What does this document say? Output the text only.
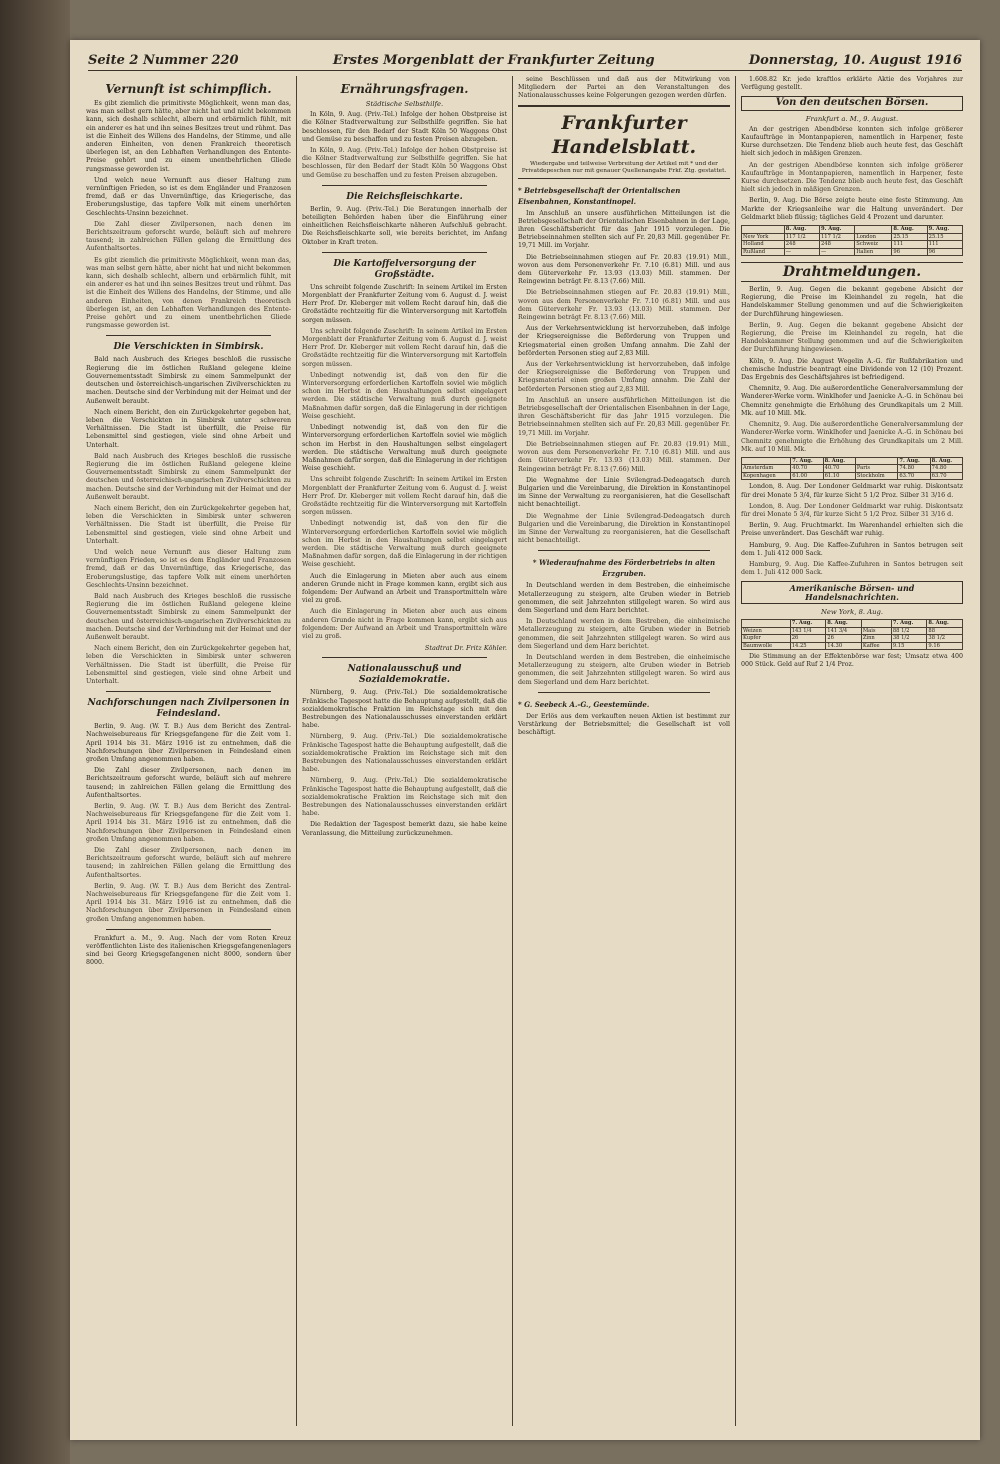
Seite 2 Nummer 220	Erstes Morgenblatt der Frankfurter Zeitung	Donnerstag, 10. August 1916
Vernunft ist schimpflich.

Es gibt ziemlich die primitivste Möglichkeit, wenn man das, was man selbst gern hätte, aber nicht hat und nicht bekommen kann, sich deshalb schlecht, albern und erbärmlich fühlt, mit ein anderer es hat und ihn seines Besitzes treut und rühmt. Das ist die Einheit des Willens des Handelns, der Stimme, und alle anderen Einheiten, von denen Frankreich theoretisch überlegen ist, an den Lebhaften Verhandlungen des Entente-Preise gehört und zu einem unentbehrlichen Gliede rungsmasse geworden ist.

Und welch neue Vernunft aus dieser Haltung zum vernünftigen Frieden, so ist es dem Engländer und Franzosen fremd, daß er das Unvernünftige, das Kriegerische, das Eroberungslustige, das tapfere Volk mit einem unerhörten Geschlechts-Unsinn bezeichnet.

Die Zahl dieser Zivilpersonen, nach denen im Berichtszeitraum geforscht wurde, beläuft sich auf mehrere tausend; in zahlreichen Fällen gelang die Ermittlung des Aufenthaltsortes.

Es gibt ziemlich die primitivste Möglichkeit, wenn man das, was man selbst gern hätte, aber nicht hat und nicht bekommen kann, sich deshalb schlecht, albern und erbärmlich fühlt, mit ein anderer es hat und ihn seines Besitzes treut und rühmt. Das ist die Einheit des Willens des Handelns, der Stimme, und alle anderen Einheiten, von denen Frankreich theoretisch überlegen ist, an den Lebhaften Verhandlungen des Entente-Preise gehört und zu einem unentbehrlichen Gliede rungsmasse geworden ist.

Die Verschickten in Simbirsk.

Bald nach Ausbruch des Krieges beschloß die russische Regierung die im östlichen Rußland gelegene kleine Gouvernementsstadt Simbirsk zu einem Sammelpunkt der deutschen und österreichisch-ungarischen Zivilverschickten zu machen. Deutsche sind der Verbindung mit der Heimat und der Außenwelt beraubt.

Nach einem Bericht, den ein Zurückgekehrter gegeben hat, leben die Verschickten in Simbirsk unter schweren Verhältnissen. Die Stadt ist überfüllt, die Preise für Lebensmittel sind gestiegen, viele sind ohne Arbeit und Unterhalt.

Bald nach Ausbruch des Krieges beschloß die russische Regierung die im östlichen Rußland gelegene kleine Gouvernementsstadt Simbirsk zu einem Sammelpunkt der deutschen und österreichisch-ungarischen Zivilverschickten zu machen. Deutsche sind der Verbindung mit der Heimat und der Außenwelt beraubt.

Nach einem Bericht, den ein Zurückgekehrter gegeben hat, leben die Verschickten in Simbirsk unter schweren Verhältnissen. Die Stadt ist überfüllt, die Preise für Lebensmittel sind gestiegen, viele sind ohne Arbeit und Unterhalt.

Und welch neue Vernunft aus dieser Haltung zum vernünftigen Frieden, so ist es dem Engländer und Franzosen fremd, daß er das Unvernünftige, das Kriegerische, das Eroberungslustige, das tapfere Volk mit einem unerhörten Geschlechts-Unsinn bezeichnet.

Bald nach Ausbruch des Krieges beschloß die russische Regierung die im östlichen Rußland gelegene kleine Gouvernementsstadt Simbirsk zu einem Sammelpunkt der deutschen und österreichisch-ungarischen Zivilverschickten zu machen. Deutsche sind der Verbindung mit der Heimat und der Außenwelt beraubt.

Nach einem Bericht, den ein Zurückgekehrter gegeben hat, leben die Verschickten in Simbirsk unter schweren Verhältnissen. Die Stadt ist überfüllt, die Preise für Lebensmittel sind gestiegen, viele sind ohne Arbeit und Unterhalt.

Nachforschungen nach Zivilpersonen in Feindesland.

Berlin, 9. Aug. (W. T. B.) Aus dem Bericht des Zentral-Nachweisebureaus für Kriegsgefangene für die Zeit vom 1. April 1914 bis 31. März 1916 ist zu entnehmen, daß die Nachforschungen über Zivilpersonen in Feindesland einen großen Umfang angenommen haben.

Die Zahl dieser Zivilpersonen, nach denen im Berichtszeitraum geforscht wurde, beläuft sich auf mehrere tausend; in zahlreichen Fällen gelang die Ermittlung des Aufenthaltsortes.

Berlin, 9. Aug. (W. T. B.) Aus dem Bericht des Zentral-Nachweisebureaus für Kriegsgefangene für die Zeit vom 1. April 1914 bis 31. März 1916 ist zu entnehmen, daß die Nachforschungen über Zivilpersonen in Feindesland einen großen Umfang angenommen haben.

Die Zahl dieser Zivilpersonen, nach denen im Berichtszeitraum geforscht wurde, beläuft sich auf mehrere tausend; in zahlreichen Fällen gelang die Ermittlung des Aufenthaltsortes.

Berlin, 9. Aug. (W. T. B.) Aus dem Bericht des Zentral-Nachweisebureaus für Kriegsgefangene für die Zeit vom 1. April 1914 bis 31. März 1916 ist zu entnehmen, daß die Nachforschungen über Zivilpersonen in Feindesland einen großen Umfang angenommen haben.

Frankfurt a. M., 9. Aug. Nach der vom Roten Kreuz veröffentlichten Liste des italienischen Kriegsgefangenenlagers sind bei Georg Kriegsgefangenen nicht 8000, sondern über 8000.

Ernährungsfragen.
Städtische Selbsthilfe.

In Köln, 9. Aug. (Priv.-Tel.) Infolge der hohen Obstpreise ist die Kölner Stadtverwaltung zur Selbsthilfe gegriffen. Sie hat beschlossen, für den Bedarf der Stadt Köln 50 Waggons Obst und Gemüse zu beschaffen und zu festen Preisen abzugeben.

In Köln, 9. Aug. (Priv.-Tel.) Infolge der hohen Obstpreise ist die Kölner Stadtverwaltung zur Selbsthilfe gegriffen. Sie hat beschlossen, für den Bedarf der Stadt Köln 50 Waggons Obst und Gemüse zu beschaffen und zu festen Preisen abzugeben.

Die Reichsfleischkarte.

Berlin, 9. Aug. (Priv.-Tel.) Die Beratungen innerhalb der beteiligten Behörden haben über die Einführung einer einheitlichen Reichsfleischkarte näheren Aufschluß gebracht. Die Reichsfleischkarte soll, wie bereits berichtet, im Anfang Oktober in Kraft treten.

Die Kartoffelversorgung der Großstädte.

Uns schreibt folgende Zuschrift: In seinem Artikel im Ersten Morgenblatt der Frankfurter Zeitung vom 6. August d. J. weist Herr Prof. Dr. Kleberger mit vollem Recht darauf hin, daß die Großstädte rechtzeitig für die Winterversorgung mit Kartoffeln sorgen müssen.

Uns schreibt folgende Zuschrift: In seinem Artikel im Ersten Morgenblatt der Frankfurter Zeitung vom 6. August d. J. weist Herr Prof. Dr. Kleberger mit vollem Recht darauf hin, daß die Großstädte rechtzeitig für die Winterversorgung mit Kartoffeln sorgen müssen.

Unbedingt notwendig ist, daß von den für die Winterversorgung erforderlichen Kartoffeln soviel wie möglich schon im Herbst in den Haushaltungen selbst eingelagert werden. Die städtische Verwaltung muß durch geeignete Maßnahmen dafür sorgen, daß die Einlagerung in der richtigen Weise geschieht.

Unbedingt notwendig ist, daß von den für die Winterversorgung erforderlichen Kartoffeln soviel wie möglich schon im Herbst in den Haushaltungen selbst eingelagert werden. Die städtische Verwaltung muß durch geeignete Maßnahmen dafür sorgen, daß die Einlagerung in der richtigen Weise geschieht.

Uns schreibt folgende Zuschrift: In seinem Artikel im Ersten Morgenblatt der Frankfurter Zeitung vom 6. August d. J. weist Herr Prof. Dr. Kleberger mit vollem Recht darauf hin, daß die Großstädte rechtzeitig für die Winterversorgung mit Kartoffeln sorgen müssen.

Unbedingt notwendig ist, daß von den für die Winterversorgung erforderlichen Kartoffeln soviel wie möglich schon im Herbst in den Haushaltungen selbst eingelagert werden. Die städtische Verwaltung muß durch geeignete Maßnahmen dafür sorgen, daß die Einlagerung in der richtigen Weise geschieht.

Auch die Einlagerung in Mieten aber auch aus einem anderen Grunde nicht in Frage kommen kann, ergibt sich aus folgendem: Der Aufwand an Arbeit und Transportmitteln wäre viel zu groß.

Auch die Einlagerung in Mieten aber auch aus einem anderen Grunde nicht in Frage kommen kann, ergibt sich aus folgendem: Der Aufwand an Arbeit und Transportmitteln wäre viel zu groß.

Stadtrat Dr. Fritz Köhler.
Nationalausschuß und Sozialdemokratie.

Nürnberg, 9. Aug. (Priv.-Tel.) Die sozialdemokratische Fränkische Tagespost hatte die Behauptung aufgestellt, daß die sozialdemokratische Fraktion im Reichstage sich mit den Bestrebungen des Nationalausschusses einverstanden erklärt habe.

Nürnberg, 9. Aug. (Priv.-Tel.) Die sozialdemokratische Fränkische Tagespost hatte die Behauptung aufgestellt, daß die sozialdemokratische Fraktion im Reichstage sich mit den Bestrebungen des Nationalausschusses einverstanden erklärt habe.

Nürnberg, 9. Aug. (Priv.-Tel.) Die sozialdemokratische Fränkische Tagespost hatte die Behauptung aufgestellt, daß die sozialdemokratische Fraktion im Reichstage sich mit den Bestrebungen des Nationalausschusses einverstanden erklärt habe.

Die Redaktion der Tagespost bemerkt dazu, sie habe keine Veranlassung, die Mitteilung zurückzunehmen.

seine Beschlüssen und daß aus der Mitwirkung von Mitgliedern der Partei an den Veranstaltungen des Nationalausschusses keine Folgerungen gezogen werden dürfen.

Frankfurter Handelsblatt.
Wiedergabe und teilweise Verbreitung der Artikel mit * und der Privatdepeschen nur mit genauer Quellenangabe Frkf. Ztg. gestattet.
* Betriebsgesellschaft der Orientalischen Eisenbahnen, Konstantinopel.

Im Anschluß an unsere ausführlichen Mitteilungen ist die Betriebsgesellschaft der Orientalischen Eisenbahnen in der Lage, ihren Geschäftsbericht für das Jahr 1915 vorzulegen. Die Betriebseinnahmen stellten sich auf Fr. 20,83 Mill. gegenüber Fr. 19,71 Mill. im Vorjahr.

Die Betriebseinnahmen stiegen auf Fr. 20.83 (19.91) Mill., wovon aus dem Personenverkehr Fr. 7.10 (6.81) Mill. und aus dem Güterverkehr Fr. 13.93 (13.03) Mill. stammen. Der Reingewinn beträgt Fr. 8.13 (7.66) Mill.

Die Betriebseinnahmen stiegen auf Fr. 20.83 (19.91) Mill., wovon aus dem Personenverkehr Fr. 7.10 (6.81) Mill. und aus dem Güterverkehr Fr. 13.93 (13.03) Mill. stammen. Der Reingewinn beträgt Fr. 8.13 (7.66) Mill.

Aus der Verkehrsentwicklung ist hervorzuheben, daß infolge der Kriegsereignisse die Beförderung von Truppen und Kriegsmaterial einen großen Umfang annahm. Die Zahl der beförderten Personen stieg auf 2,83 Mill.

Aus der Verkehrsentwicklung ist hervorzuheben, daß infolge der Kriegsereignisse die Beförderung von Truppen und Kriegsmaterial einen großen Umfang annahm. Die Zahl der beförderten Personen stieg auf 2,83 Mill.

Im Anschluß an unsere ausführlichen Mitteilungen ist die Betriebsgesellschaft der Orientalischen Eisenbahnen in der Lage, ihren Geschäftsbericht für das Jahr 1915 vorzulegen. Die Betriebseinnahmen stellten sich auf Fr. 20,83 Mill. gegenüber Fr. 19,71 Mill. im Vorjahr.

Die Betriebseinnahmen stiegen auf Fr. 20.83 (19.91) Mill., wovon aus dem Personenverkehr Fr. 7.10 (6.81) Mill. und aus dem Güterverkehr Fr. 13.93 (13.03) Mill. stammen. Der Reingewinn beträgt Fr. 8.13 (7.66) Mill.

Die Wegnahme der Linie Svilengrad-Dedeagatsch durch Bulgarien und die Vereinbarung, die Direktion in Konstantinopel im Sinne der Verwaltung zu reorganisieren, hat die Gesellschaft nicht benachteiligt.

Die Wegnahme der Linie Svilengrad-Dedeagatsch durch Bulgarien und die Vereinbarung, die Direktion in Konstantinopel im Sinne der Verwaltung zu reorganisieren, hat die Gesellschaft nicht benachteiligt.

* Wiederaufnahme des Förderbetriebs in alten Erzgruben.

In Deutschland werden in dem Bestreben, die einheimische Metallerzeugung zu steigern, alte Gruben wieder in Betrieb genommen, die seit Jahrzehnten stillgelegt waren. So wird aus dem Siegerland und dem Harz berichtet.

In Deutschland werden in dem Bestreben, die einheimische Metallerzeugung zu steigern, alte Gruben wieder in Betrieb genommen, die seit Jahrzehnten stillgelegt waren. So wird aus dem Siegerland und dem Harz berichtet.

In Deutschland werden in dem Bestreben, die einheimische Metallerzeugung zu steigern, alte Gruben wieder in Betrieb genommen, die seit Jahrzehnten stillgelegt waren. So wird aus dem Siegerland und dem Harz berichtet.

* G. Seebeck A.-G., Geestemünde.

Der Erlös aus dem verkauften neuen Aktien ist bestimmt zur Verstärkung der Betriebsmittel; die Gesellschaft ist voll beschäftigt.

1.608.82 Kr. jede kraftlos erklärte Aktie des Vorjahres zur Verfügung gestellt.

Von den deutschen Börsen.
Frankfurt a. M., 9. August.

An der gestrigen Abendbörse konnten sich infolge größerer Kaufaufträge in Montanpapieren, namentlich in Harpener, feste Kurse durchsetzen. Die Tendenz blieb auch heute fest, das Geschäft hielt sich jedoch in mäßigen Grenzen.

An der gestrigen Abendbörse konnten sich infolge größerer Kaufaufträge in Montanpapieren, namentlich in Harpener, feste Kurse durchsetzen. Die Tendenz blieb auch heute fest, das Geschäft hielt sich jedoch in mäßigen Grenzen.

Berlin, 9. Aug. Die Börse zeigte heute eine feste Stimmung. Am Markte der Kriegsanleihe war die Haltung unverändert. Der Geldmarkt blieb flüssig; tägliches Geld 4 Prozent und darunter.

	8. Aug.	9. Aug.		8. Aug.	9. Aug.
New York	117 1/2	117 1/2	London	25.15	25.15
Holland	248	248	Schweiz	111	111
Rußland	—	—	Italien	96	96
Drahtmeldungen.

Berlin, 9. Aug. Gegen die bekannt gegebene Absicht der Regierung, die Preise im Kleinhandel zu regeln, hat die Handelskammer Stellung genommen und auf die Schwierigkeiten der Durchführung hingewiesen.

Berlin, 9. Aug. Gegen die bekannt gegebene Absicht der Regierung, die Preise im Kleinhandel zu regeln, hat die Handelskammer Stellung genommen und auf die Schwierigkeiten der Durchführung hingewiesen.

Köln, 9. Aug. Die August Wegelin A.-G. für Rußfabrikation und chemische Industrie beantragt eine Dividende von 12 (10) Prozent. Das Ergebnis des Geschäftsjahres ist befriedigend.

Chemnitz, 9. Aug. Die außerordentliche Generalversammlung der Wanderer-Werke vorm. Winklhofer und Jaenicke A.-G. in Schönau bei Chemnitz genehmigte die Erhöhung des Grundkapitals um 2 Mill. Mk. auf 10 Mill. Mk.

Chemnitz, 9. Aug. Die außerordentliche Generalversammlung der Wanderer-Werke vorm. Winklhofer und Jaenicke A.-G. in Schönau bei Chemnitz genehmigte die Erhöhung des Grundkapitals um 2 Mill. Mk. auf 10 Mill. Mk.

	7. Aug.	8. Aug.		7. Aug.	8. Aug.
Amsterdam	40.70	40.70	Paris	74.80	74.80
Kopenhagen	61.00	61.10	Stockholm	63.70	63.70

London, 8. Aug. Der Londoner Geldmarkt war ruhig. Diskontsatz für drei Monate 5 3/4, für kurze Sicht 5 1/2 Proz. Silber 31 3/16 d.

London, 8. Aug. Der Londoner Geldmarkt war ruhig. Diskontsatz für drei Monate 5 3/4, für kurze Sicht 5 1/2 Proz. Silber 31 3/16 d.

Berlin, 9. Aug. Fruchtmarkt. Im Warenhandel erhielten sich die Preise unverändert. Das Geschäft war ruhig.

Hamburg, 9. Aug. Die Kaffee-Zufuhren in Santos betrugen seit dem 1. Juli 412 000 Sack.

Hamburg, 9. Aug. Die Kaffee-Zufuhren in Santos betrugen seit dem 1. Juli 412 000 Sack.

Amerikanische Börsen- und Handelsnachrichten.
New York, 8. Aug.
	7. Aug.	8. Aug.		7. Aug.	8. Aug.
Weizen	143 1/4	141 3/4	Mais	88 1/2	88
Kupfer	26	26	Zinn	38 1/2	38 1/2
Baumwolle	14.25	14.30	Kaffee	9.15	9.16

Die Stimmung an der Effektenbörse war fest; Umsatz etwa 400 000 Stück. Geld auf Ruf 2 1/4 Proz.
